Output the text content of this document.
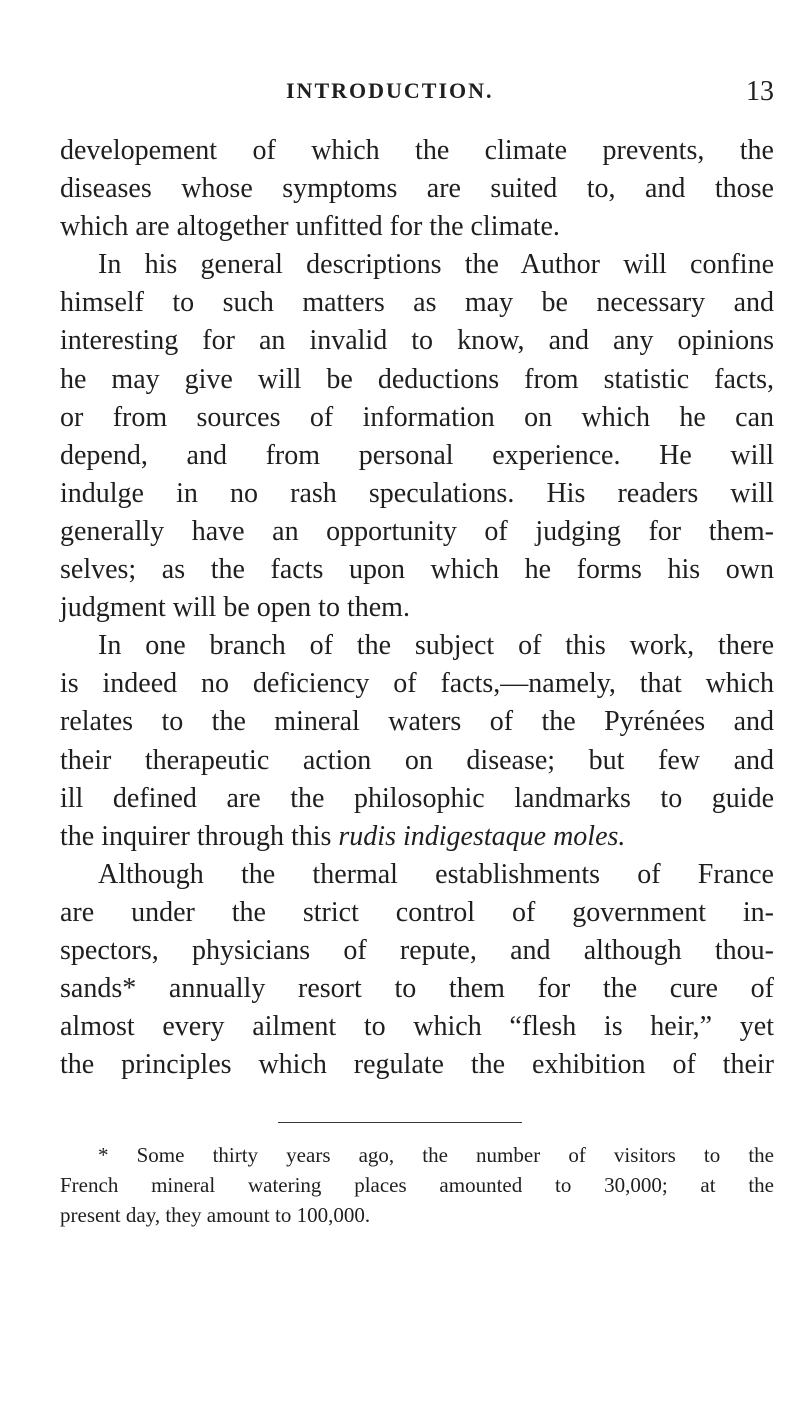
INTRODUCTION.	13
developement of which the climate prevents, the
diseases whose symptoms are suited to, and those
which are altogether unfitted for the climate.
In his general descriptions the Author will confine
himself to such matters as may be necessary and
interesting for an invalid to know, and any opinions
he may give will be deductions from statistic facts,
or from sources of information on which he can
depend, and from personal experience. He will
indulge in no rash speculations. His readers will
generally have an opportunity of judging for them-
selves; as the facts upon which he forms his own
judgment will be open to them.
In one branch of the subject of this work, there
is indeed no deficiency of facts,—namely, that which
relates to the mineral waters of the Pyrénées and
their therapeutic action on disease; but few and
ill defined are the philosophic landmarks to guide
the inquirer through this rudis indigestaque moles.
Although the thermal establishments of France
are under the strict control of government in-
spectors, physicians of repute, and although thou-
sands* annually resort to them for the cure of
almost every ailment to which “flesh is heir,” yet
the principles which regulate the exhibition of their
* Some thirty years ago, the number of visitors to the
French mineral watering places amounted to 30,000; at the
present day, they amount to 100,000.
